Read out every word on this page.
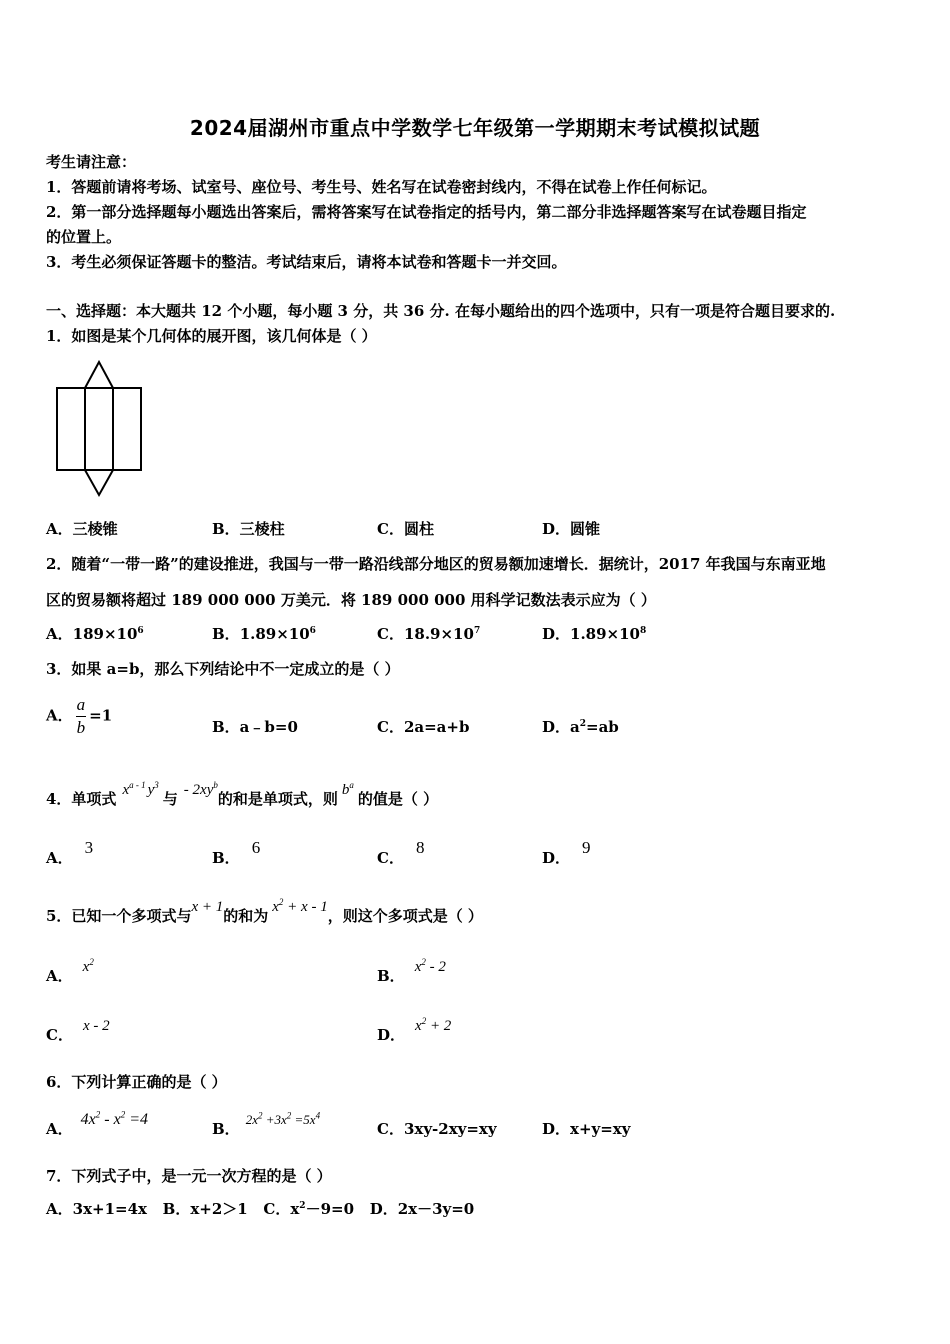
2024届湖州市重点中学数学七年级第一学期期末考试模拟试题
考生请注意：
1．答题前请将考场、试室号、座位号、考生号、姓名写在试卷密封线内，不得在试卷上作任何标记。
2．第一部分选择题每小题选出答案后，需将答案写在试卷指定的括号内，第二部分非选择题答案写在试卷题目指定
的位置上。
3．考生必须保证答题卡的整洁。考试结束后，请将本试卷和答题卡一并交回。
一、选择题：本大题共 12 个小题，每小题 3 分，共 36 分. 在每小题给出的四个选项中，只有一项是符合题目要求的.
1．如图是某个几何体的展开图，该几何体是（ ）
A．三棱锥	B．三棱柱	C．圆柱	D．圆锥
2．随着“一带一路”的建设推进，我国与一带一路沿线部分地区的贸易额加速增长．据统计，2017 年我国与东南亚地
区的贸易额将超过 189 000 000 万美元．将 189 000 000 用科学记数法表示应为（ ）
A．$189\times 10^6$	B．$1.89\times 10^6$	C．$18.9\times 10^7$	D．$1.89\times 10^8$
3．如果 a=b，那么下列结论中不一定成立的是（ ）
A． $\frac{a}{b} =1$
B．a﹣b=0	C．2a=a+b	D．$a^2=ab$
4．单项式 $x^{a - 1}$ $y^3$与 - $2xy^b$的和是单项式，则 $b^a$的值是（ ）
A．3
B．6
C．8
D．9
5．已知一个多项式与x + 1的和为 $x^2 + x - 1$，则这个多项式是（ ）
A． $x^2$
B． $x^2 - 2$
C． x - 2	D． $x^2 + 2$
6．下列计算正确的是（ ）
A．$4x^2 - x^2 =4$
B．$2x^2 +3x^2 =5x^4$
C．3xy-2xy=xy	D．x+y=xy
7．下列式子中，是一元一次方程的是（ ）
A．3x+1=4x B．x+2＞1 C．$x^2-9=0$ D．2x－3y=0
